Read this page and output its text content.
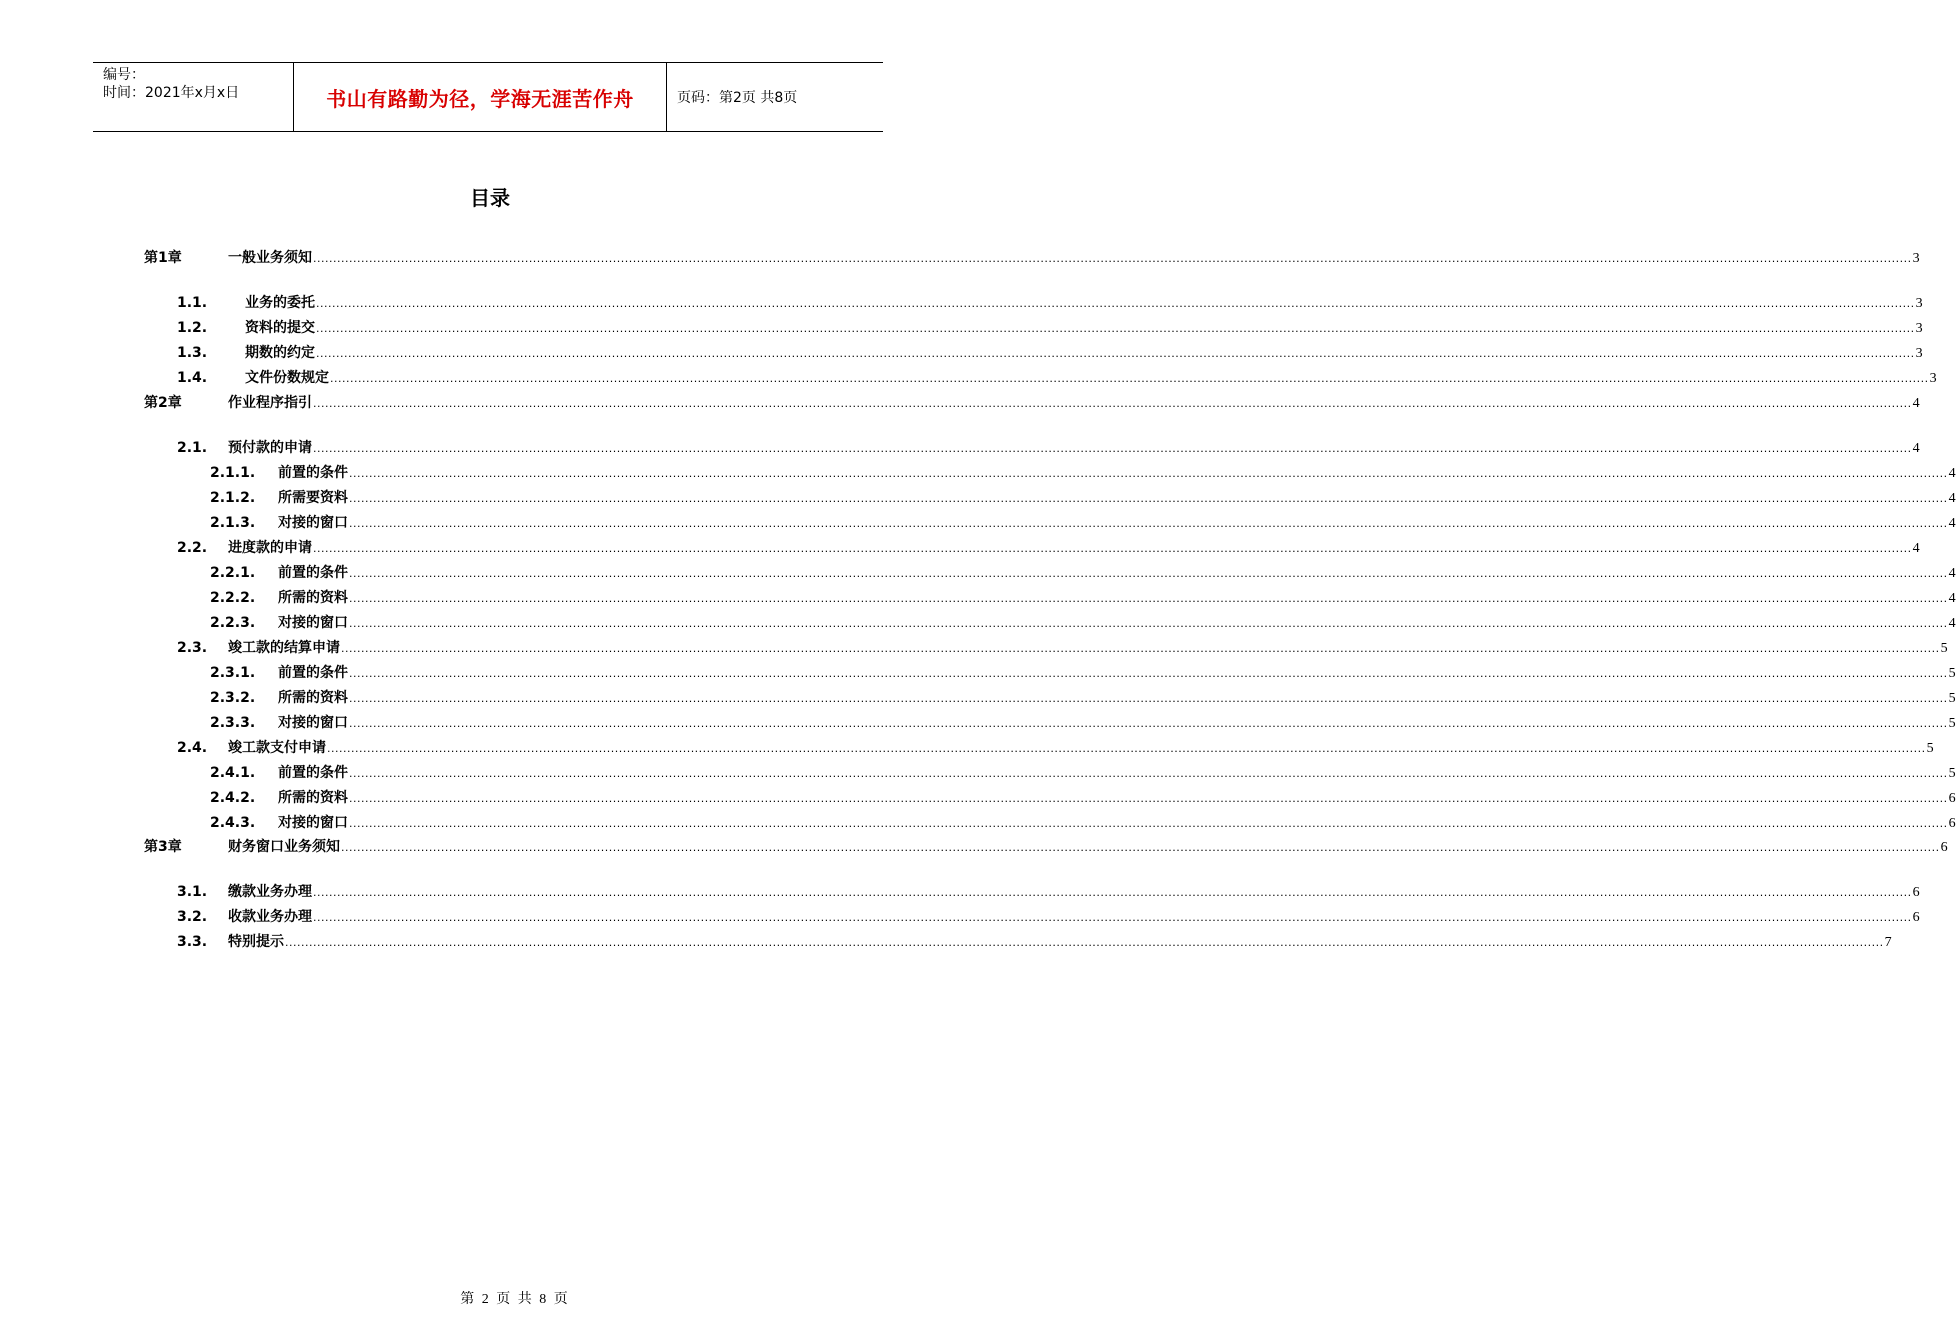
编号：
时间：2021年x月x日	书山有路勤为径，学海无涯苦作舟	页码：第2页 共8页
目录
第1章	一般业务须知 ................................................................................................................................................................................................................................................................................................................................................................................................................ 3
1.1.	业务的委托 ................................................................................................................................................................................................................................................................................................................................................................................................................ 3
1.2.	资料的提交 ................................................................................................................................................................................................................................................................................................................................................................................................................ 3
1.3.	期数的约定 ................................................................................................................................................................................................................................................................................................................................................................................................................ 3
1.4.	文件份数规定 ................................................................................................................................................................................................................................................................................................................................................................................................................ 3
第2章	作业程序指引 ................................................................................................................................................................................................................................................................................................................................................................................................................ 4
2.1. 预付款的申请 ................................................................................................................................................................................................................................................................................................................................................................................................................ 4
2.1.1. 前置的条件 ................................................................................................................................................................................................................................................................................................................................................................................................................ 4
2.1.2. 所需要资料 ................................................................................................................................................................................................................................................................................................................................................................................................................ 4
2.1.3. 对接的窗口 ................................................................................................................................................................................................................................................................................................................................................................................................................ 4
2.2. 进度款的申请 ................................................................................................................................................................................................................................................................................................................................................................................................................ 4
2.2.1. 前置的条件 ................................................................................................................................................................................................................................................................................................................................................................................................................ 4
2.2.2. 所需的资料 ................................................................................................................................................................................................................................................................................................................................................................................................................ 4
2.2.3. 对接的窗口 ................................................................................................................................................................................................................................................................................................................................................................................................................ 4
2.3. 竣工款的结算申请 ................................................................................................................................................................................................................................................................................................................................................................................................................ 5
2.3.1. 前置的条件 ................................................................................................................................................................................................................................................................................................................................................................................................................ 5
2.3.2. 所需的资料 ................................................................................................................................................................................................................................................................................................................................................................................................................ 5
2.3.3. 对接的窗口 ................................................................................................................................................................................................................................................................................................................................................................................................................ 5
2.4. 竣工款支付申请 ................................................................................................................................................................................................................................................................................................................................................................................................................ 5
2.4.1. 前置的条件 ................................................................................................................................................................................................................................................................................................................................................................................................................ 5
2.4.2. 所需的资料 ................................................................................................................................................................................................................................................................................................................................................................................................................ 6
2.4.3. 对接的窗口 ................................................................................................................................................................................................................................................................................................................................................................................................................ 6
第3章	财务窗口业务须知 ................................................................................................................................................................................................................................................................................................................................................................................................................ 6
3.1. 缴款业务办理 ................................................................................................................................................................................................................................................................................................................................................................................................................ 6
3.2. 收款业务办理 ................................................................................................................................................................................................................................................................................................................................................................................................................ 6
3.3. 特别提示 ................................................................................................................................................................................................................................................................................................................................................................................................................ 7
第 2 页 共 8 页
